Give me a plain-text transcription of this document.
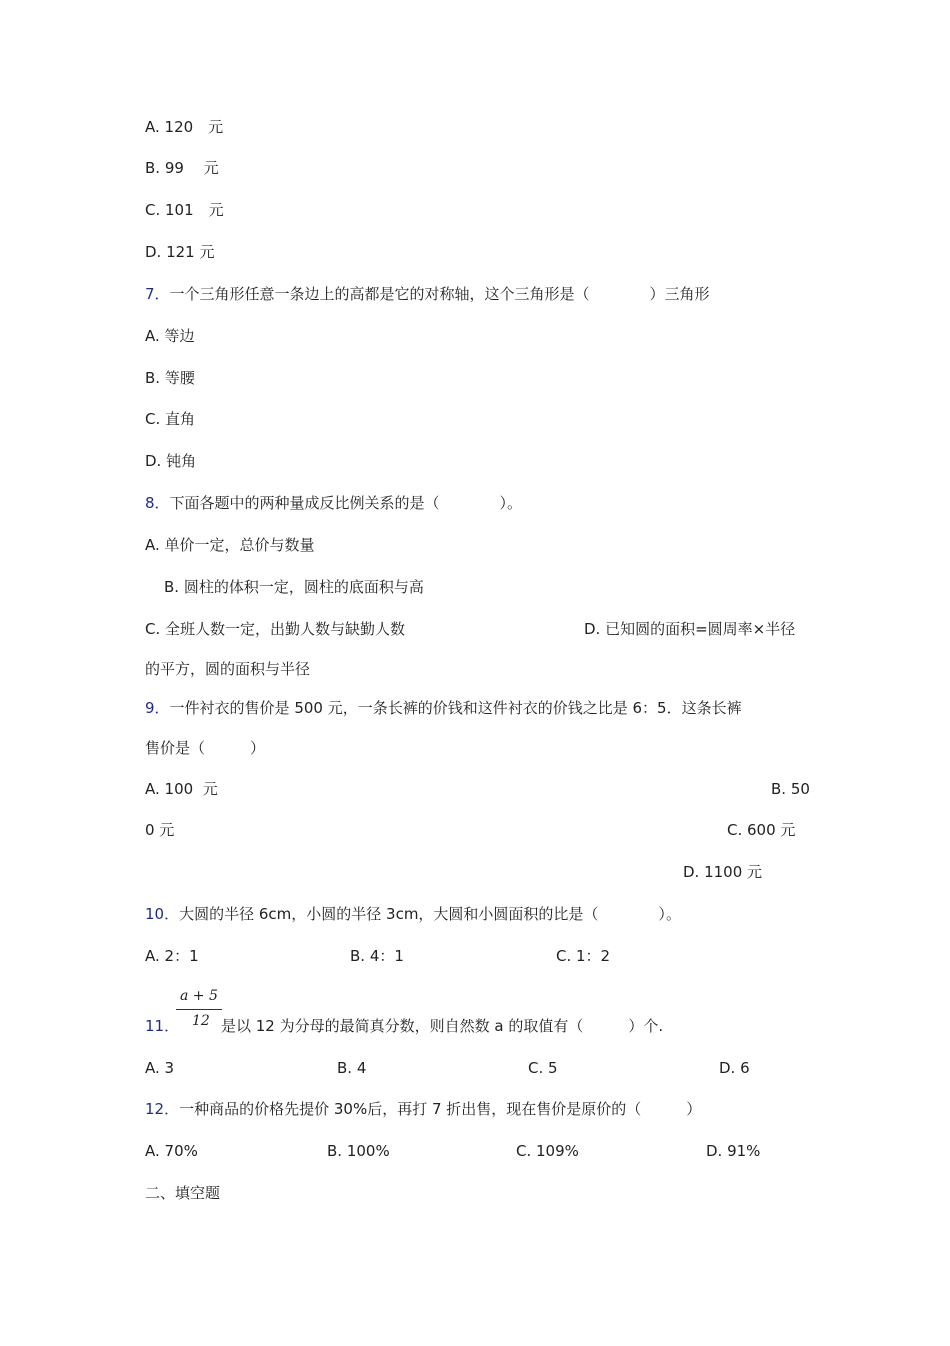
A. 120　元
B. 99　 元
C. 101　元
D. 121 元
7．一个三角形任意一条边上的高都是它的对称轴，这个三角形是（　　　　）三角形
A. 等边
B. 等腰
C. 直角
D. 钝角
8．下面各题中的两种量成反比例关系的是（　　　　）。
A. 单价一定，总价与数量
B. 圆柱的体积一定，圆柱的底面积与高
C. 全班人数一定，出勤人数与缺勤人数	D. 已知圆的面积=圆周率×半径
的平方，圆的面积与半径
9．一件衬衣的售价是 500 元，一条长裤的价钱和这件衬衣的价钱之比是 6：5．这条长裤
售价是（　　　）
A. 100  元	B. 50
0 元	C. 600 元
D. 1100 元
10．大圆的半径 6cm，小圆的半径 3cm，大圆和小圆面积的比是（　　　　）。
A. 2：1	B. 4：1	C. 1：2
a + 5
12
11．	是以 12 为分母的最简真分数，则自然数 a 的取值有（　　　）个.
A. 3	B. 4	C. 5	D. 6
12．一种商品的价格先提价 30%后，再打 7 折出售，现在售价是原价的（　　　）
A. 70%	B. 100%	C. 109%	D. 91%
二、填空题
